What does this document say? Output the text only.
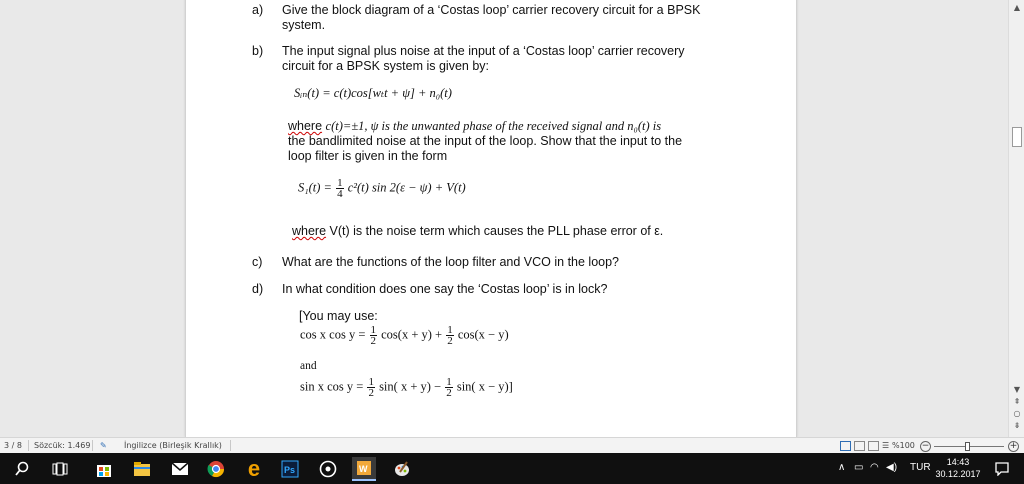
a) Give the block diagram of a ‘Costas loop’ carrier recovery circuit for a BPSK
system.
b) The input signal plus noise at the input of a ‘Costas loop’ carrier recovery
circuit for a BPSK system is given by:
Sᵢₙ(t) = c(t)cos[wₜt + ψ] + n₀(t)
where c(t)=±1, ψ is the unwanted phase of the received signal and n₀(t) is
the bandlimited noise at the input of the loop. Show that the input to the
loop filter is given in the form
$S_1(t) = \frac{1}{4} c^2(t)$ sin 2(ε − ψ) + V(t)
where V(t) is the noise term which causes the PLL phase error of ε.
c) What are the functions of the loop filter and VCO in the loop?
d) In what condition does one say the ‘Costas loop’ is in lock?
[You may use:
cos x $\cos y = \frac{1}{2} \cos(x + y) + \frac{1}{2} \cos(x - y)$
and
sin x $\cos y = \frac{1}{2} \sin$( $x + y) - \frac{1}{2} \sin$( x − y)]
▲
▼
⇞
○
⇟
3 / 8 Sözcük: 1.469 ✎ İngilizce (Birleşik Krallık)	☰ %100 −	+
e	Ps	W	∧ ▭ ◠ ◀) TUR	14:43
30.12.2017
